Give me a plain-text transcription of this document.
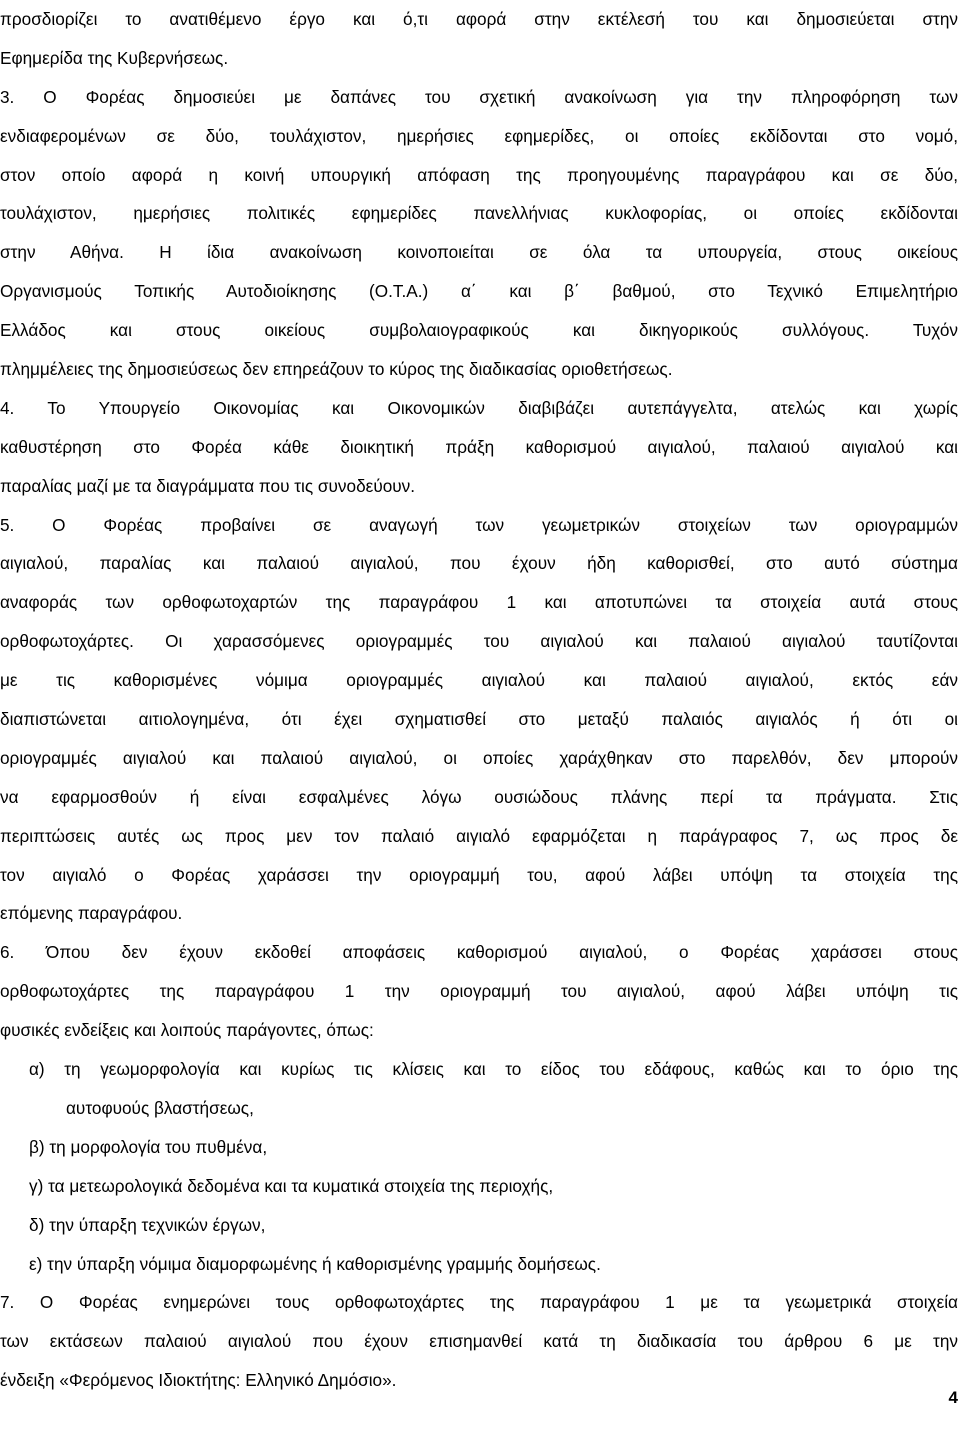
προσδιορίζει το ανατιθέμενο έργο και ό,τι αφορά στην εκτέλεσή του και δημοσιεύεται στην
Εφημερίδα της Κυβερνήσεως.
3. Ο Φορέας δημοσιεύει με δαπάνες του σχετική ανακοίνωση για την πληροφόρηση των
ενδιαφερομένων σε δύο, τουλάχιστον, ημερήσιες εφημερίδες, οι οποίες εκδίδονται στο νομό,
στον οποίο αφορά η κοινή υπουργική απόφαση της προηγουμένης παραγράφου και σε δύο,
τουλάχιστον, ημερήσιες πολιτικές εφημερίδες πανελλήνιας κυκλοφορίας, οι οποίες εκδίδονται
στην Αθήνα. Η ίδια ανακοίνωση κοινοποιείται σε όλα τα υπουργεία, στους οικείους
Οργανισμούς Τοπικής Αυτοδιοίκησης (Ο.Τ.Α.) α΄ και β΄ βαθμού, στο Τεχνικό Επιμελητήριο
Ελλάδος και στους οικείους συμβολαιογραφικούς και δικηγορικούς συλλόγους. Τυχόν
πλημμέλειες της δημοσιεύσεως δεν επηρεάζουν το κύρος της διαδικασίας οριοθετήσεως.
4. Το Υπουργείο Οικονομίας και Οικονομικών διαβιβάζει αυτεπάγγελτα, ατελώς και χωρίς
καθυστέρηση στο Φορέα κάθε διοικητική πράξη καθορισμού αιγιαλού, παλαιού αιγιαλού και
παραλίας μαζί με τα διαγράμματα που τις συνοδεύουν.
5. Ο Φορέας προβαίνει σε αναγωγή των γεωμετρικών στοιχείων των οριογραμμών
αιγιαλού, παραλίας και παλαιού αιγιαλού, που έχουν ήδη καθορισθεί, στο αυτό σύστημα
αναφοράς των ορθοφωτοχαρτών της παραγράφου 1 και αποτυπώνει τα στοιχεία αυτά στους
ορθοφωτοχάρτες. Οι χαρασσόμενες οριογραμμές του αιγιαλού και παλαιού αιγιαλού ταυτίζονται
με τις καθορισμένες νόμιμα οριογραμμές αιγιαλού και παλαιού αιγιαλού, εκτός εάν
διαπιστώνεται αιτιολογημένα, ότι έχει σχηματισθεί στο μεταξύ παλαιός αιγιαλός ή ότι οι
οριογραμμές αιγιαλού και παλαιού αιγιαλού, οι οποίες χαράχθηκαν στο παρελθόν, δεν μπορούν
να εφαρμοσθούν ή είναι εσφαλμένες λόγω ουσιώδους πλάνης περί τα πράγματα. Στις
περιπτώσεις αυτές ως προς μεν τον παλαιό αιγιαλό εφαρμόζεται η παράγραφος 7, ως προς δε
τον αιγιαλό ο Φορέας χαράσσει την οριογραμμή του, αφού λάβει υπόψη τα στοιχεία της
επόμενης παραγράφου.
6. Όπου δεν έχουν εκδοθεί αποφάσεις καθορισμού αιγιαλού, ο Φορέας χαράσσει στους
ορθοφωτοχάρτες της παραγράφου 1 την οριογραμμή του αιγιαλού, αφού λάβει υπόψη τις
φυσικές ενδείξεις και λοιπούς παράγοντες, όπως:
α) τη γεωμορφολογία και κυρίως τις κλίσεις και το είδος του εδάφους, καθώς και το όριο της
αυτοφυούς βλαστήσεως,
β) τη μορφολογία του πυθμένα,
γ) τα μετεωρολογικά δεδομένα και τα κυματικά στοιχεία της περιοχής,
δ) την ύπαρξη τεχνικών έργων,
ε) την ύπαρξη νόμιμα διαμορφωμένης ή καθορισμένης γραμμής δομήσεως.
7. Ο Φορέας ενημερώνει τους ορθοφωτοχάρτες της παραγράφου 1 με τα γεωμετρικά στοιχεία
των εκτάσεων παλαιού αιγιαλού που έχουν επισημανθεί κατά τη διαδικασία του άρθρου 6 με την
ένδειξη «Φερόμενος Ιδιοκτήτης: Ελληνικό Δημόσιο».
4
